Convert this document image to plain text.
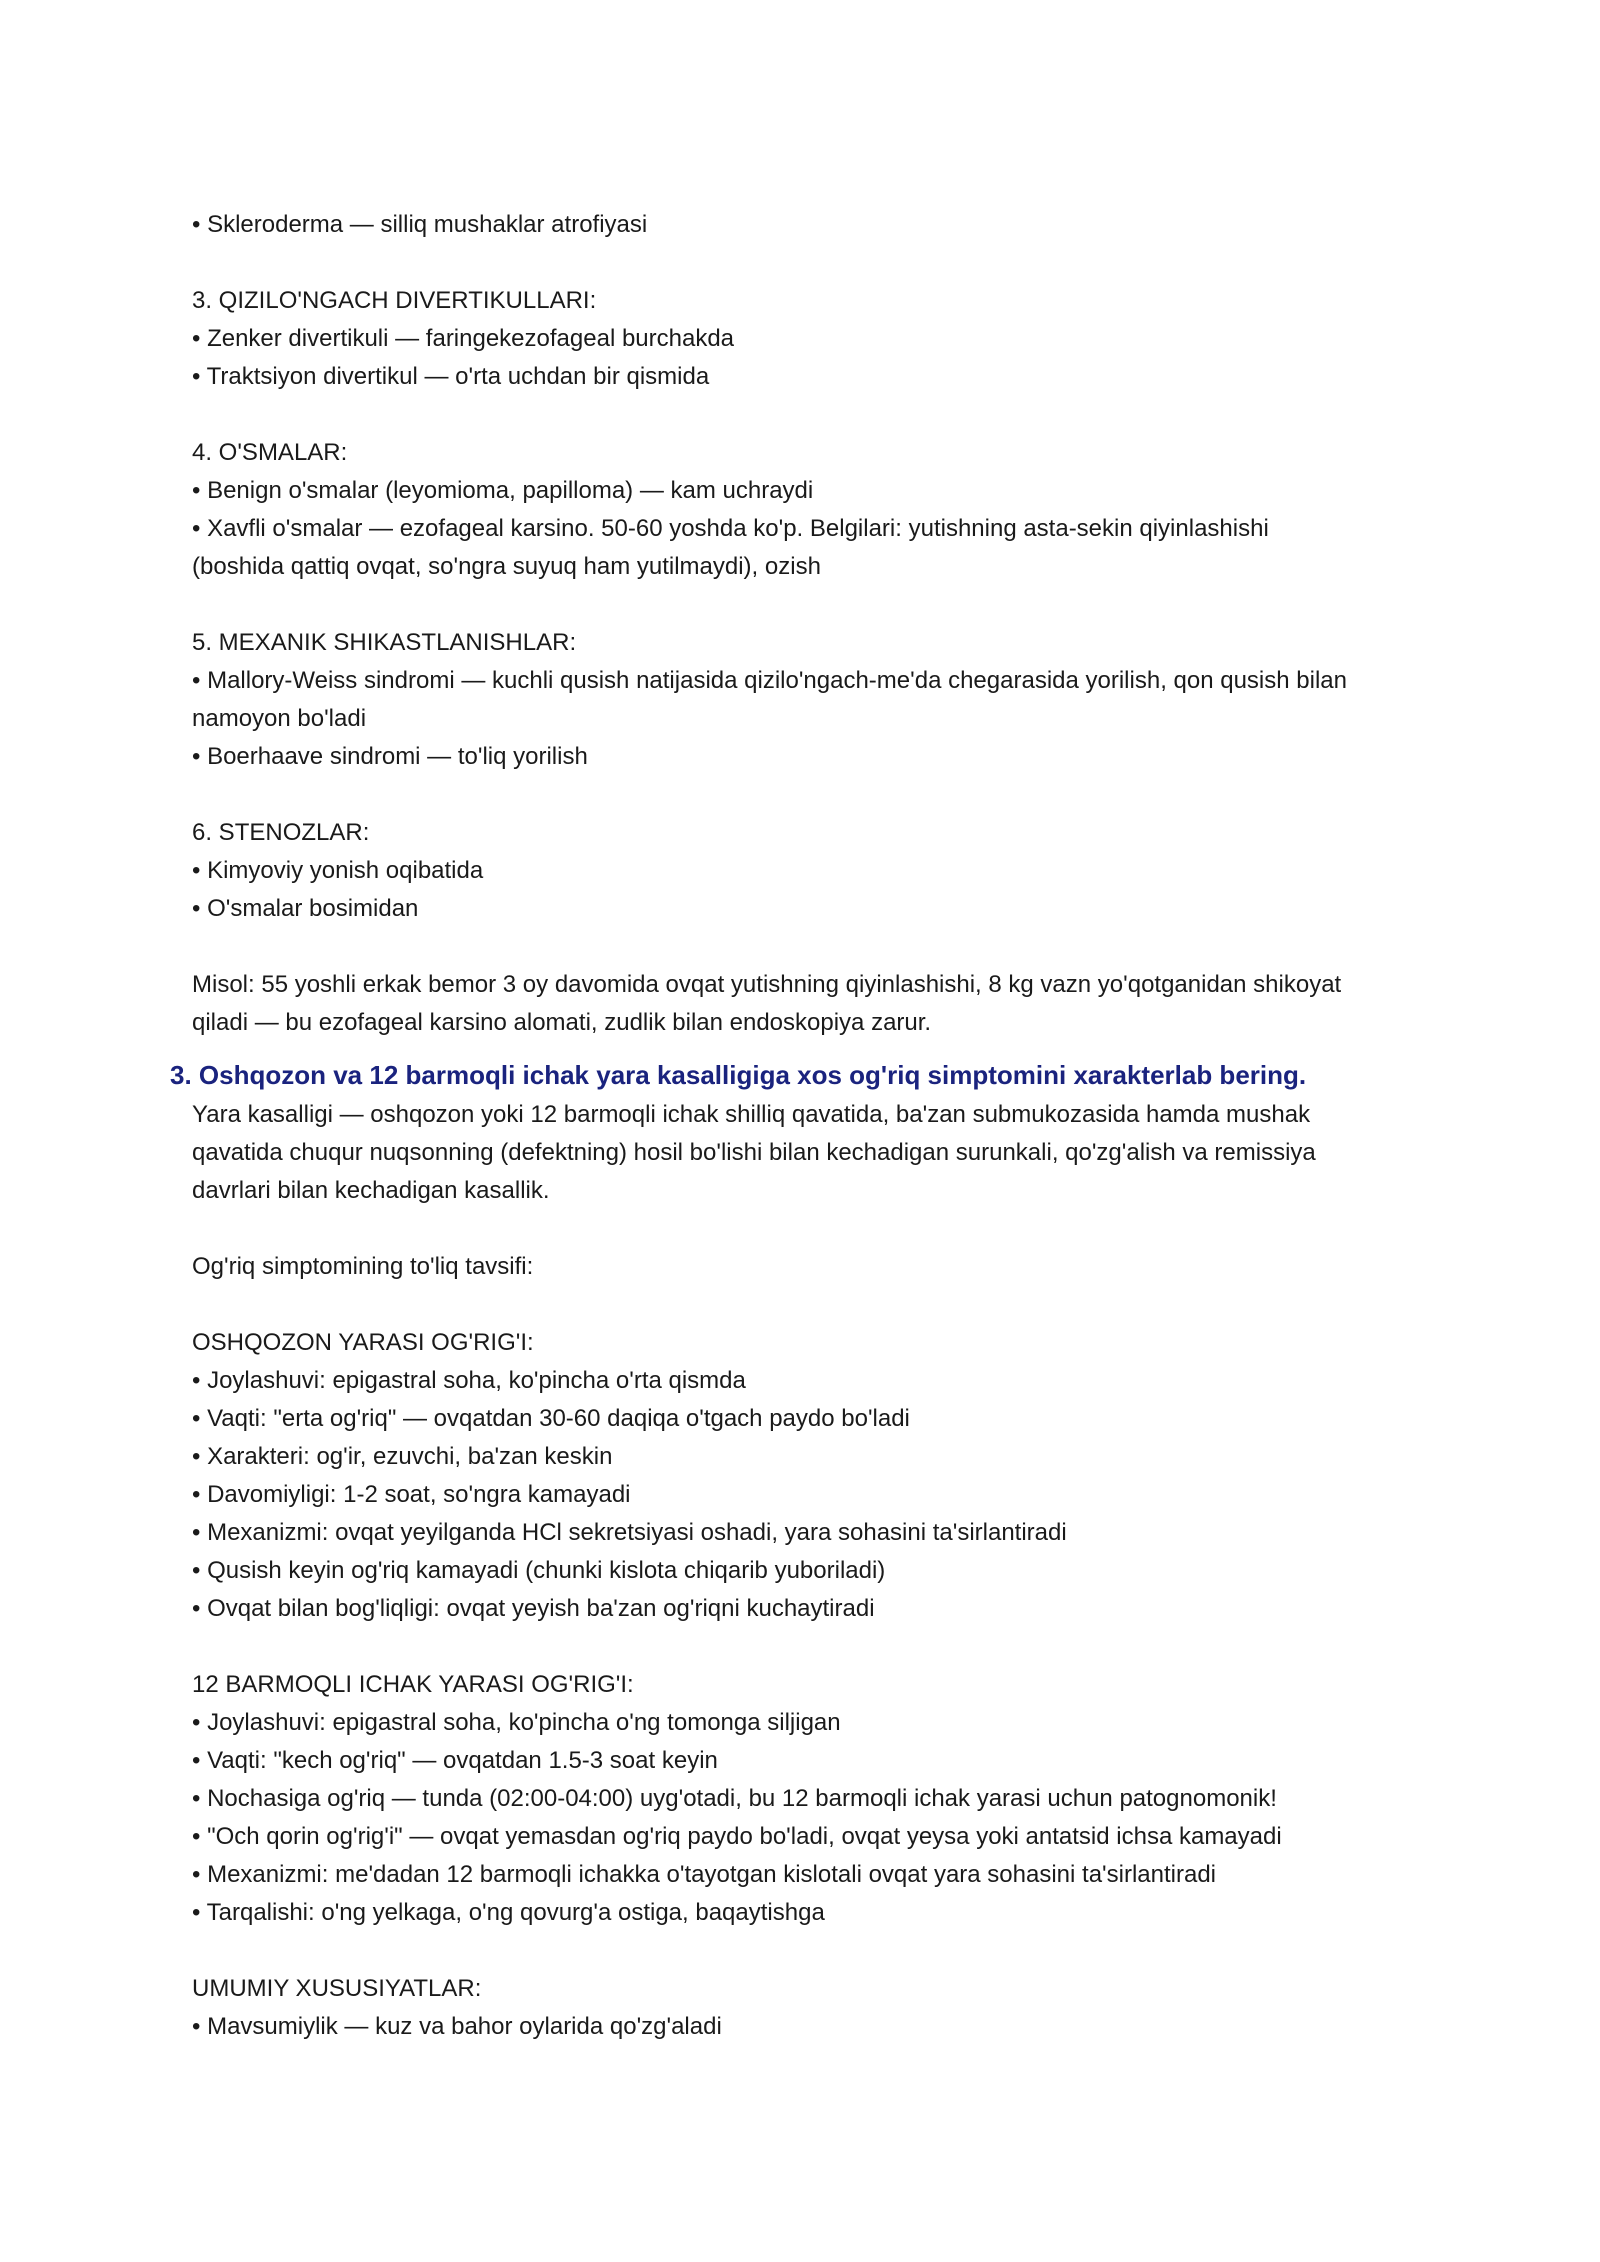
• Skleroderma — silliq mushaklar atrofiyasi

3. QIZILO'NGACH DIVERTIKULLARI:

• Zenker divertikuli — faringekezofageal burchakda

• Traktsiyon divertikul — o'rta uchdan bir qismida

4. O'SMALAR:

• Benign o'smalar (leyomioma, papilloma) — kam uchraydi

• Xavfli o'smalar — ezofageal karsino. 50-60 yoshda ko'p. Belgilari: yutishning asta-sekin qiyinlashishi

(boshida qattiq ovqat, so'ngra suyuq ham yutilmaydi), ozish

5. MEXANIK SHIKASTLANISHLAR:

• Mallory-Weiss sindromi — kuchli qusish natijasida qizilo'ngach-me'da chegarasida yorilish, qon qusish bilan

namoyon bo'ladi

• Boerhaave sindromi — to'liq yorilish

6. STENOZLAR:

• Kimyoviy yonish oqibatida

• O'smalar bosimidan

Misol: 55 yoshli erkak bemor 3 oy davomida ovqat yutishning qiyinlashishi, 8 kg vazn yo'qotganidan shikoyat

qiladi — bu ezofageal karsino alomati, zudlik bilan endoskopiya zarur.

3. Oshqozon va 12 barmoqli ichak yara kasalligiga xos og'riq simptomini xarakterlab bering.

Yara kasalligi — oshqozon yoki 12 barmoqli ichak shilliq qavatida, ba'zan submukozasida hamda mushak

qavatida chuqur nuqsonning (defektning) hosil bo'lishi bilan kechadigan surunkali, qo'zg'alish va remissiya

davrlari bilan kechadigan kasallik.

Og'riq simptomining to'liq tavsifi:

OSHQOZON YARASI OG'RIG'I:

• Joylashuvi: epigastral soha, ko'pincha o'rta qismda

• Vaqti: "erta og'riq" — ovqatdan 30-60 daqiqa o'tgach paydo bo'ladi

• Xarakteri: og'ir, ezuvchi, ba'zan keskin

• Davomiyligi: 1-2 soat, so'ngra kamayadi

• Mexanizmi: ovqat yeyilganda HCl sekretsiyasi oshadi, yara sohasini ta'sirlantiradi

• Qusish keyin og'riq kamayadi (chunki kislota chiqarib yuboriladi)

• Ovqat bilan bog'liqligi: ovqat yeyish ba'zan og'riqni kuchaytiradi

12 BARMOQLI ICHAK YARASI OG'RIG'I:

• Joylashuvi: epigastral soha, ko'pincha o'ng tomonga siljigan

• Vaqti: "kech og'riq" — ovqatdan 1.5-3 soat keyin

• Nochasiga og'riq — tunda (02:00-04:00) uyg'otadi, bu 12 barmoqli ichak yarasi uchun patognomonik!

• "Och qorin og'rig'i" — ovqat yemasdan og'riq paydo bo'ladi, ovqat yeysa yoki antatsid ichsa kamayadi

• Mexanizmi: me'dadan 12 barmoqli ichakka o'tayotgan kislotali ovqat yara sohasini ta'sirlantiradi

• Tarqalishi: o'ng yelkaga, o'ng qovurg'a ostiga, baqaytishga

UMUMIY XUSUSIYATLAR:

• Mavsumiylik — kuz va bahor oylarida qo'zg'aladi
